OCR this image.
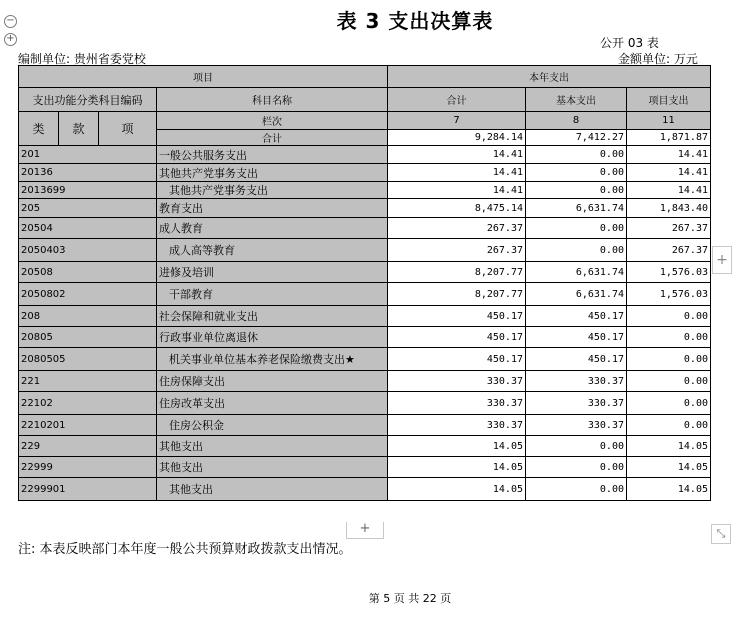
−
+
表 3 支出决算表
公开 03 表
编制单位: 贵州省委党校	金额单位: 万元
项目				本年支出		
支出功能分类科目编码			科目名称	合计	基本支出	项目支出
类	款	项	栏次	7	8	11
			合计	9,284.14	7,412.27	1,871.87
201			一般公共服务支出	14.41	0.00	14.41
20136			其他共产党事务支出	14.41	0.00	14.41
2013699			其他共产党事务支出	14.41	0.00	14.41
205			教育支出	8,475.14	6,631.74	1,843.40
20504			成人教育	267.37	0.00	267.37
2050403			成人高等教育	267.37	0.00	267.37
20508			进修及培训	8,207.77	6,631.74	1,576.03
2050802			干部教育	8,207.77	6,631.74	1,576.03
208			社会保障和就业支出	450.17	450.17	0.00
20805			行政事业单位离退休	450.17	450.17	0.00
2080505			机关事业单位基本养老保险缴费支出★	450.17	450.17	0.00
221			住房保障支出	330.37	330.37	0.00
22102			住房改革支出	330.37	330.37	0.00
2210201			住房公积金	330.37	330.37	0.00
229			其他支出	14.05	0.00	14.05
22999			其他支出	14.05	0.00	14.05
2299901			其他支出	14.05	0.00	14.05
+
+	⤡
注: 本表反映部门本年度一般公共预算财政拨款支出情况。
第 5 页 共 22 页
